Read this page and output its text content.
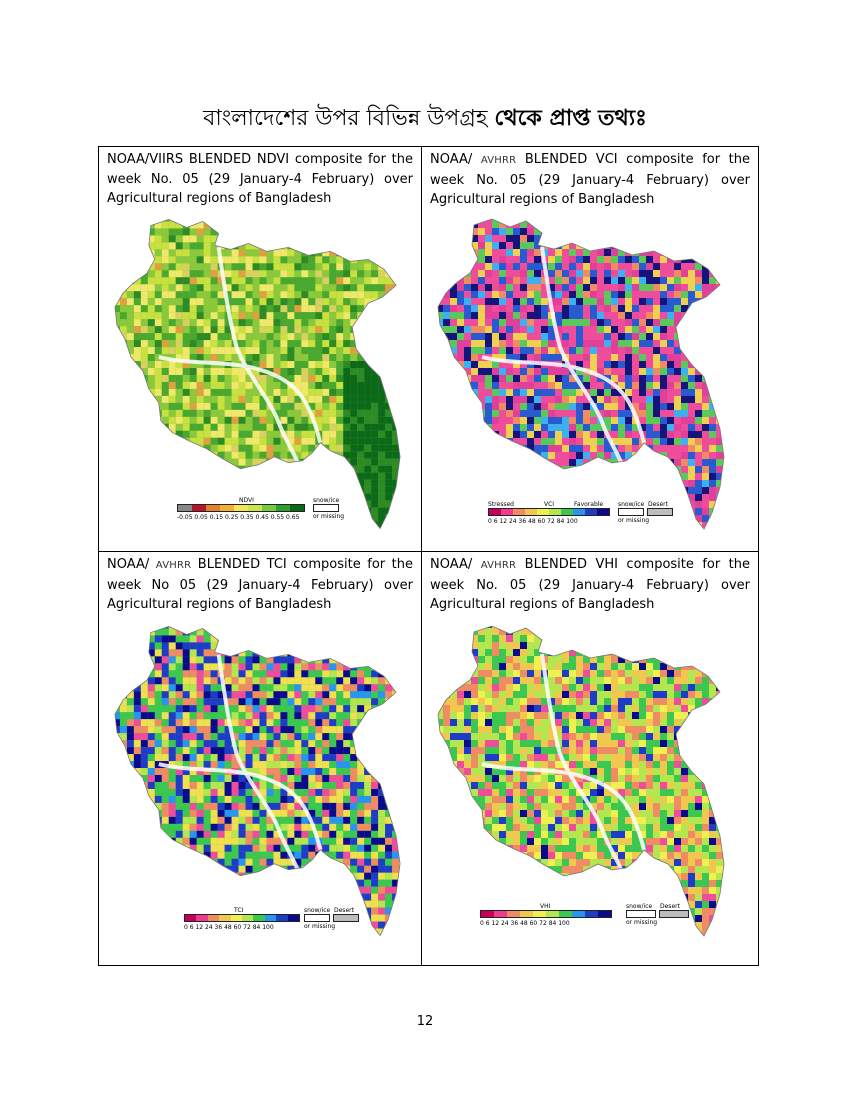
বাংলাদেশের উপর বিভিন্ন উপগ্রহ থেকে প্রাপ্ত তথ্যঃ
NOAA/VIIRS BLENDED NDVI composite for the week No. 05 (29 January-4 February) over Agricultural regions of Bangladesh
NDVI
-0.05 0.05 0.15 0.25 0.35 0.45 0.55 0.65
snow/ice
or missing
NOAA/ AVHRR BLENDED VCI composite for the week No. 05 (29 January-4 February) over Agricultural regions of Bangladesh
Stressed	VCI	Favorable
0 6 12 24 36 48 60 72 84 100
snow/ice Desert
or missing
NOAA/ AVHRR BLENDED TCI composite for the week No 05 (29 January-4 February) over Agricultural regions of Bangladesh
TCI
0 6 12 24 36 48 60 72 84 100
snow/ice Desert
or missing
NOAA/ AVHRR BLENDED VHI composite for the week No. 05 (29 January-4 February) over Agricultural regions of Bangladesh
VHI
0 6 12 24 36 48 60 72 84 100
snow/ice Desert
or missing
12
